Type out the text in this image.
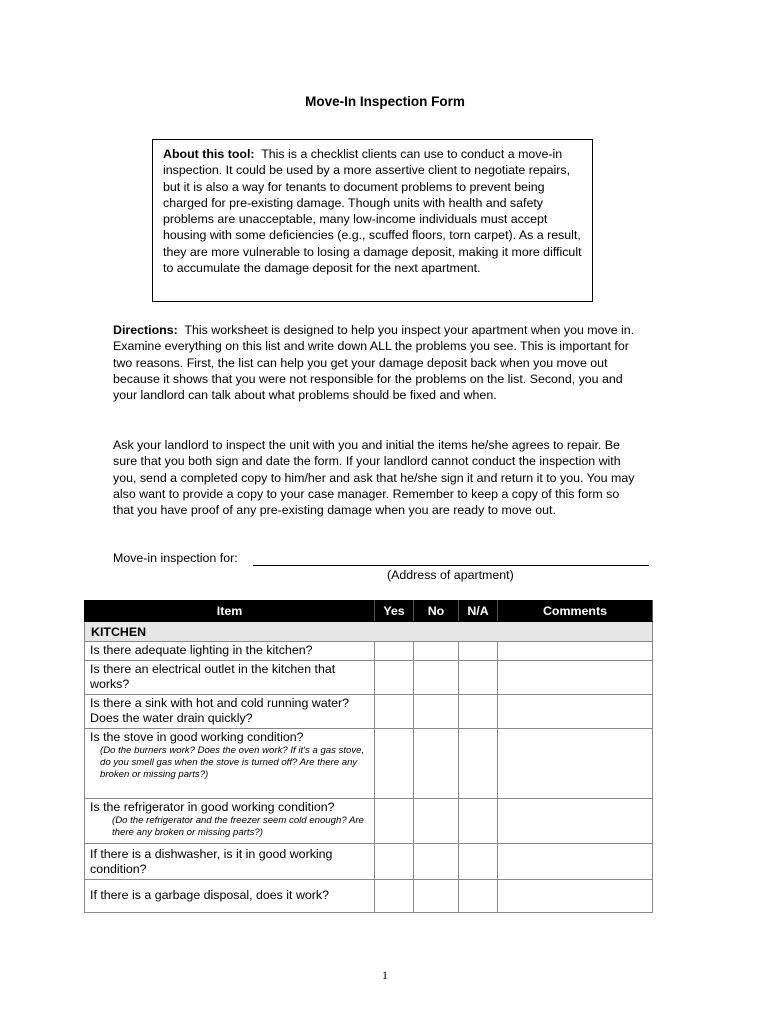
Move-In Inspection Form
About this tool: This is a checklist clients can use to conduct a move-in inspection. It could be used by a more assertive client to negotiate repairs, but it is also a way for tenants to document problems to prevent being charged for pre-existing damage. Though units with health and safety problems are unacceptable, many low-income individuals must accept housing with some deficiencies (e.g., scuffed floors, torn carpet). As a result, they are more vulnerable to losing a damage deposit, making it more difficult to accumulate the damage deposit for the next apartment.
Directions: This worksheet is designed to help you inspect your apartment when you move in. Examine everything on this list and write down ALL the problems you see. This is important for two reasons. First, the list can help you get your damage deposit back when you move out because it shows that you were not responsible for the problems on the list. Second, you and your landlord can talk about what problems should be fixed and when.
Ask your landlord to inspect the unit with you and initial the items he/she agrees to repair. Be sure that you both sign and date the form. If your landlord cannot conduct the inspection with you, send a completed copy to him/her and ask that he/she sign it and return it to you. You may also want to provide a copy to your case manager. Remember to keep a copy of this form so that you have proof of any pre-existing damage when you are ready to move out.
Move-in inspection for:
(Address of apartment)
Item	Yes	No	N/A	Comments
KITCHEN				
Is there adequate lighting in the kitchen?				
Is there an electrical outlet in the kitchen that works?				
Is there a sink with hot and cold running water? Does the water drain quickly?				
Is the stove in good working condition?
(Do the burners work? Does the oven work? If it's a gas stove, do you smell gas when the stove is turned off? Are there any broken or missing parts?)				

Is the refrigerator in good working condition?
(Do the refrigerator and the freezer seem cold enough? Are there any broken or missing parts?)				

If there is a dishwasher, is it in good working condition?				
If there is a garbage disposal, does it work?				
1
